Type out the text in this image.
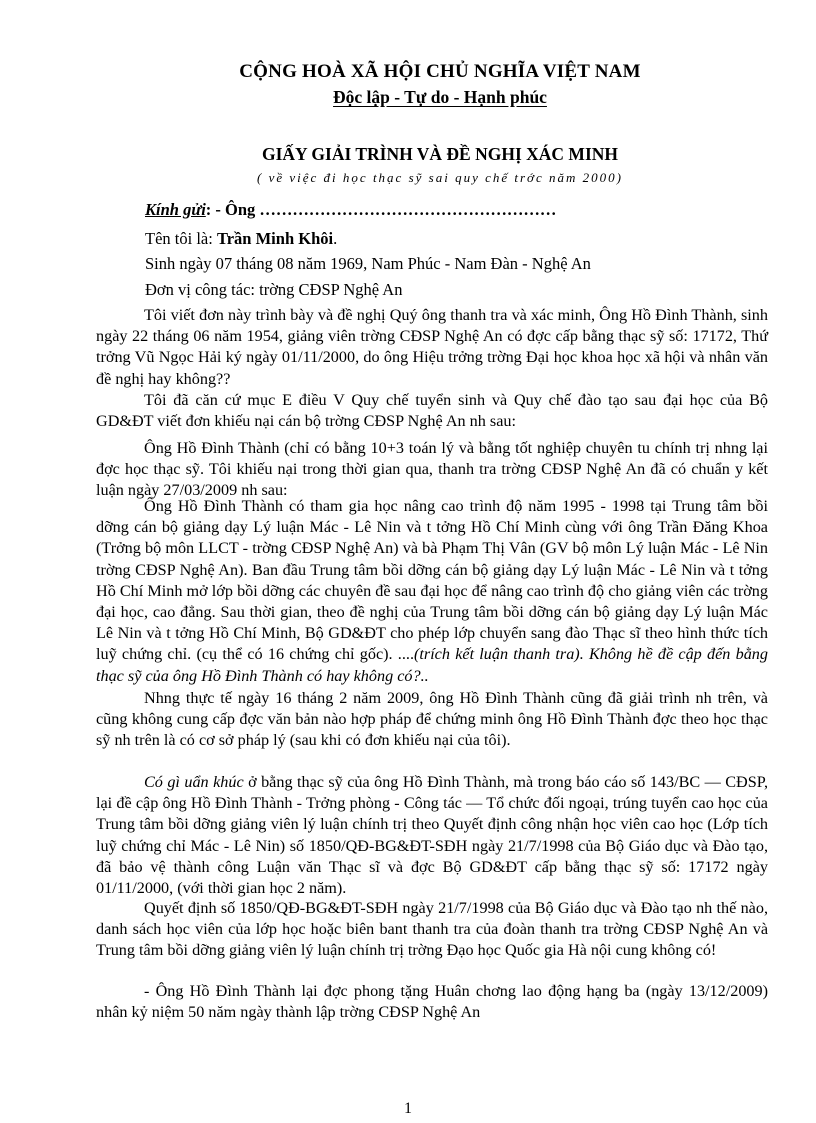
CỘNG HOÀ XÃ HỘI CHỦ NGHĨA VIỆT NAM
Độc lập - Tự do - Hạnh phúc
GIẤY GIẢI TRÌNH VÀ ĐỀ NGHỊ XÁC MINH
( về việc đi học thạc sỹ sai quy chế trớc năm 2000)
Kính gửi: - Ông ………………………………………………
Tên tôi là: Trần Minh Khôi.
Sinh ngày 07 tháng 08 năm 1969, Nam Phúc - Nam Đàn - Nghệ An
Đơn vị công tác: trờng CĐSP Nghệ An

Tôi viết đơn này trình bày và đề nghị Quý ông thanh tra và xác minh, Ông Hồ Đình Thành, sinh ngày 22 tháng 06 năm 1954, giảng viên trờng CĐSP Nghệ An có đợc cấp bằng thạc sỹ số: 17172, Thứ trởng Vũ Ngọc Hải ký ngày 01/11/2000, do ông Hiệu trởng trờng Đại học khoa học xã hội và nhân văn đề nghị hay không??

Tôi đã căn cứ mục E điều V Quy chế tuyển sinh và Quy chế đào tạo sau đại học của Bộ GD&ĐT viết đơn khiếu nại cán bộ trờng CĐSP Nghệ An nh sau:

Ông Hồ Đình Thành (chỉ có bằng 10+3 toán lý và bằng tốt nghiệp chuyên tu chính trị nhng lại đợc học thạc sỹ. Tôi khiếu nại trong thời gian qua, thanh tra trờng CĐSP Nghệ An đã có chuẩn y kết luận ngày 27/03/2009 nh sau:

Ông Hồ Đình Thành có tham gia học nâng cao trình độ năm 1995 - 1998 tại Trung tâm bồi dỡng cán bộ giảng dạy Lý luận Mác - Lê Nin và t tởng Hồ Chí Minh cùng với ông Trần Đăng Khoa (Trởng bộ môn LLCT - trờng CĐSP Nghệ An) và bà Phạm Thị Vân (GV bộ môn Lý luận Mác - Lê Nin trờng CĐSP Nghệ An). Ban đầu Trung tâm bồi dỡng cán bộ giảng dạy Lý luận Mác - Lê Nin và t tởng Hồ Chí Minh mở lớp bồi dỡng các chuyên đề sau đại học để nâng cao trình độ cho giảng viên các trờng đại học, cao đẳng. Sau thời gian, theo đề nghị của Trung tâm bồi dỡng cán bộ giảng dạy Lý luận Mác Lê Nin và t tởng Hồ Chí Minh, Bộ GD&ĐT cho phép lớp chuyển sang đào Thạc sĩ theo hình thức tích luỹ chứng chỉ. (cụ thể có 16 chứng chỉ gốc). ....(trích kết luận thanh tra). Không hề đề cập đến bằng thạc sỹ của ông Hồ Đình Thành có hay không có?..

Nhng thực tế ngày 16 tháng 2 năm 2009, ông Hồ Đình Thành cũng đã giải trình nh trên, và cũng không cung cấp đợc văn bản nào hợp pháp để chứng minh ông Hồ Đình Thành đợc theo học thạc sỹ nh trên là có cơ sở pháp lý (sau khi có đơn khiếu nại của tôi).

Có gì uẩn khúc ở bằng thạc sỹ của ông Hồ Đình Thành, mà trong báo cáo số 143/BC — CĐSP, lại đề cập ông Hồ Đình Thành - Trởng phòng - Công tác — Tổ chức đối ngoại, trúng tuyển cao học của Trung tâm bồi dỡng giảng viên lý luận chính trị theo Quyết định công nhận học viên cao học (Lớp tích luỹ chứng chỉ Mác - Lê Nin) số 1850/QĐ-BG&ĐT-SĐH ngày 21/7/1998 của Bộ Giáo dục và Đào tạo, đã bảo vệ thành công Luận văn Thạc sĩ và đợc Bộ GD&ĐT cấp bằng thạc sỹ số: 17172 ngày 01/11/2000, (với thời gian học 2 năm).

Quyết định số 1850/QĐ-BG&ĐT-SĐH ngày 21/7/1998 của Bộ Giáo dục và Đào tạo nh thế nào, danh sách học viên của lớp học hoặc biên bant thanh tra của đoàn thanh tra trờng CĐSP Nghệ An và Trung tâm bồi dỡng giảng viên lý luận chính trị trờng Đạo học Quốc gia Hà nội cung không có!

- Ông Hồ Đình Thành lại đợc phong tặng Huân chơng lao động hạng ba (ngày 13/12/2009) nhân kỷ niệm 50 năm ngày thành lập trờng CĐSP Nghệ An

1
